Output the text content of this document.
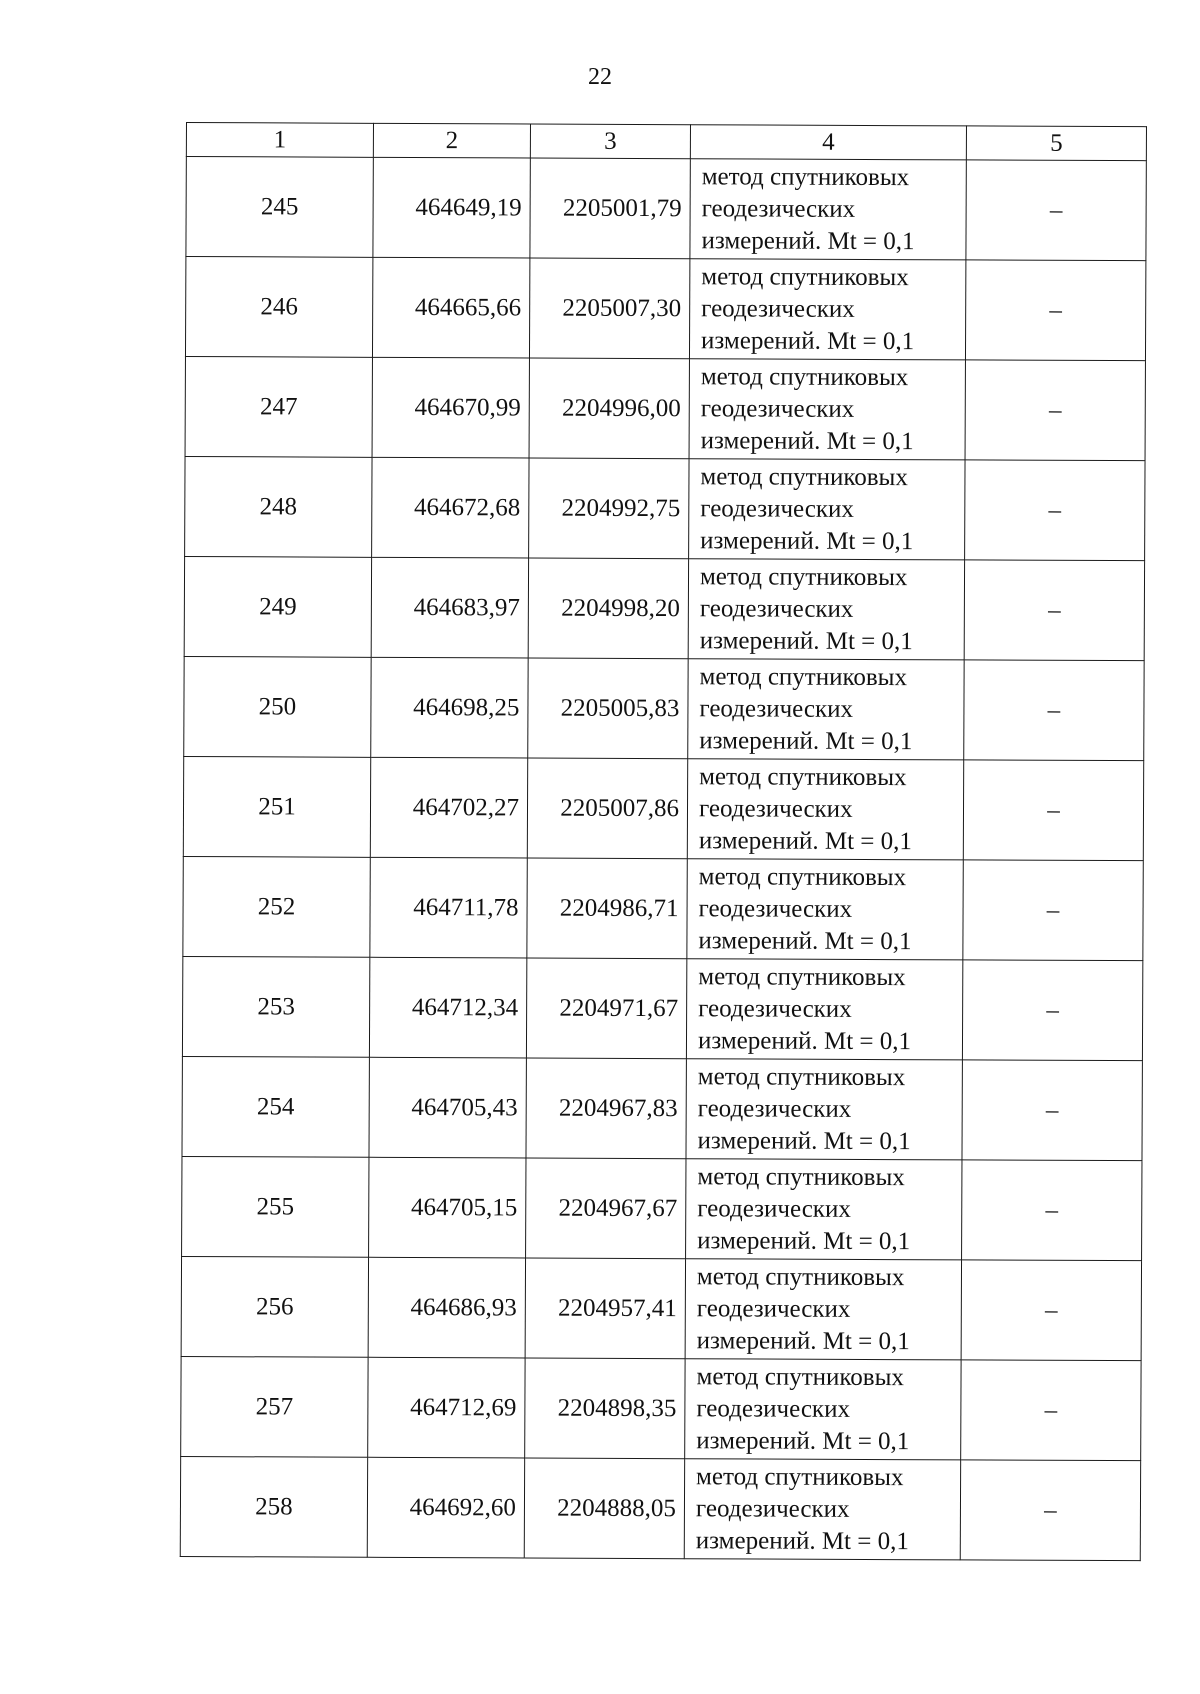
22
1	2	3	4	5
245	464649,19	2205001,79	метод спутниковых
геодезических
измерений. Mt = 0,1	–
246	464665,66	2205007,30	метод спутниковых
геодезических
измерений. Mt = 0,1	–
247	464670,99	2204996,00	метод спутниковых
геодезических
измерений. Mt = 0,1	–
248	464672,68	2204992,75	метод спутниковых
геодезических
измерений. Mt = 0,1	–
249	464683,97	2204998,20	метод спутниковых
геодезических
измерений. Mt = 0,1	–
250	464698,25	2205005,83	метод спутниковых
геодезических
измерений. Mt = 0,1	–
251	464702,27	2205007,86	метод спутниковых
геодезических
измерений. Mt = 0,1	–
252	464711,78	2204986,71	метод спутниковых
геодезических
измерений. Mt = 0,1	–
253	464712,34	2204971,67	метод спутниковых
геодезических
измерений. Mt = 0,1	–
254	464705,43	2204967,83	метод спутниковых
геодезических
измерений. Mt = 0,1	–
255	464705,15	2204967,67	метод спутниковых
геодезических
измерений. Mt = 0,1	–
256	464686,93	2204957,41	метод спутниковых
геодезических
измерений. Mt = 0,1	–
257	464712,69	2204898,35	метод спутниковых
геодезических
измерений. Mt = 0,1	–
258	464692,60	2204888,05	метод спутниковых
геодезических
измерений. Mt = 0,1	–
